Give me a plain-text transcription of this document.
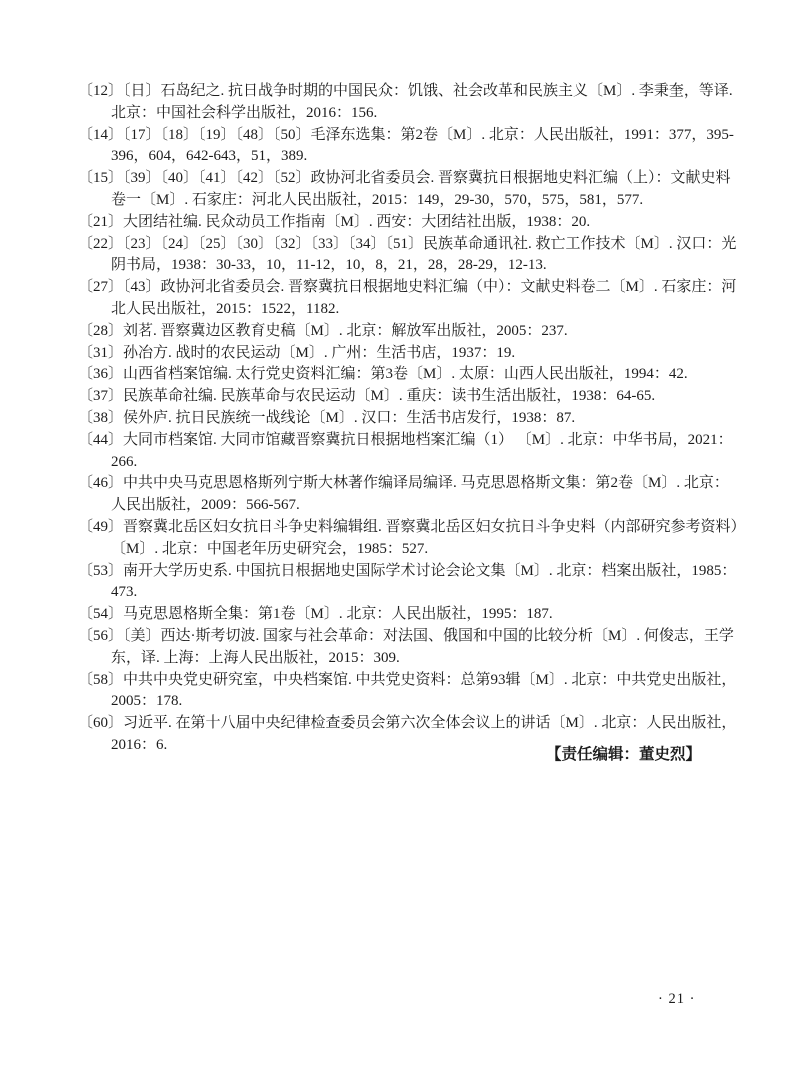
〔12〕〔日〕石岛纪之. 抗日战争时期的中国民众：饥饿、社会改革和民族主义〔M〕. 李秉奎，等译. 北京：中国社会科学出版社，2016：156.

〔14〕〔17〕〔18〕〔19〕〔48〕〔50〕毛泽东选集：第2卷〔M〕. 北京：人民出版社，1991：377，395-396，604，642-643，51，389.

〔15〕〔39〕〔40〕〔41〕〔42〕〔52〕政协河北省委员会. 晋察冀抗日根据地史料汇编（上）：文献史料卷一〔M〕. 石家庄：河北人民出版社，2015：149，29-30，570，575，581，577.

〔21〕大团结社编. 民众动员工作指南〔M〕. 西安：大团结社出版，1938：20.

〔22〕〔23〕〔24〕〔25〕〔30〕〔32〕〔33〕〔34〕〔51〕民族革命通讯社. 救亡工作技术〔M〕. 汉口：光阴书局，1938：30-33，10，11-12，10，8，21，28，28-29，12-13.

〔27〕〔43〕政协河北省委员会. 晋察冀抗日根据地史料汇编（中）：文献史料卷二〔M〕. 石家庄：河北人民出版社，2015：1522，1182.

〔28〕刘茗. 晋察冀边区教育史稿〔M〕. 北京：解放军出版社，2005：237.

〔31〕孙冶方. 战时的农民运动〔M〕. 广州：生活书店，1937：19.

〔36〕山西省档案馆编. 太行党史资料汇编：第3卷〔M〕. 太原：山西人民出版社，1994：42.

〔37〕民族革命社编. 民族革命与农民运动〔M〕. 重庆：读书生活出版社，1938：64-65.

〔38〕侯外庐. 抗日民族统一战线论〔M〕. 汉口：生活书店发行，1938：87.

〔44〕大同市档案馆. 大同市馆藏晋察冀抗日根据地档案汇编（1） 〔M〕. 北京：中华书局，2021：266.

〔46〕中共中央马克思恩格斯列宁斯大林著作编译局编译. 马克思恩格斯文集：第2卷〔M〕. 北京：人民出版社，2009：566-567.

〔49〕晋察冀北岳区妇女抗日斗争史料编辑组. 晋察冀北岳区妇女抗日斗争史料（内部研究参考资料）〔M〕. 北京：中国老年历史研究会，1985：527.

〔53〕南开大学历史系. 中国抗日根据地史国际学术讨论会论文集〔M〕. 北京：档案出版社，1985：473.

〔54〕马克思恩格斯全集：第1卷〔M〕. 北京：人民出版社，1995：187.

〔56〕〔美〕西达·斯考切波. 国家与社会革命：对法国、俄国和中国的比较分析〔M〕. 何俊志，王学东，译. 上海：上海人民出版社，2015：309.

〔58〕中共中央党史研究室，中央档案馆. 中共党史资料：总第93辑〔M〕. 北京：中共党史出版社，2005：178.

〔60〕习近平. 在第十八届中央纪律检查委员会第六次全体会议上的讲话〔M〕. 北京：人民出版社，2016：6.

【责任编辑：董史烈】
· 21 ·
